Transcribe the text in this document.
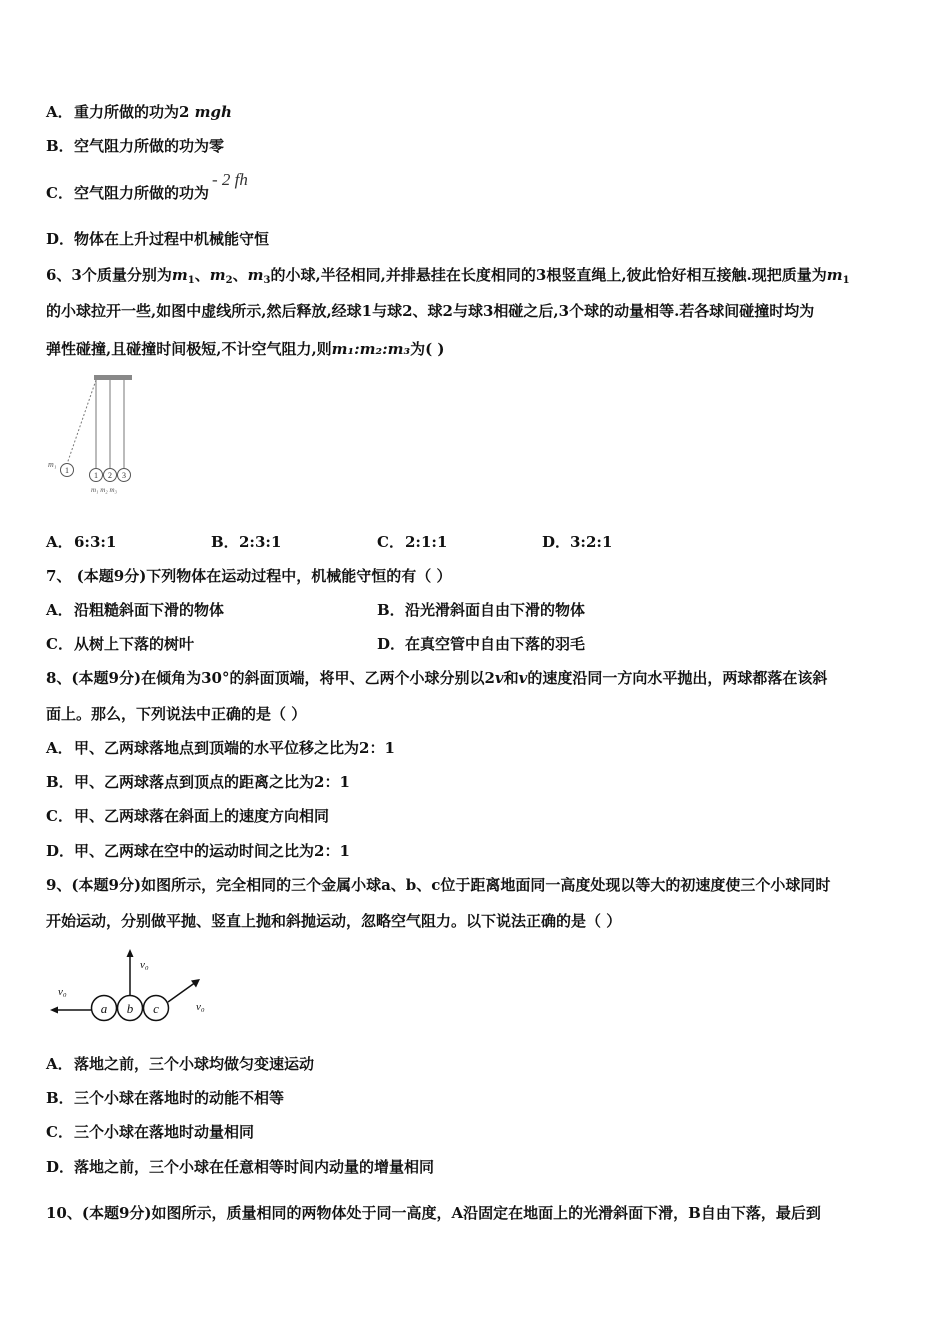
A．重力所做的功为2 mgh
B．空气阻力所做的功为零
C．空气阻力所做的功为- 2 fh
D．物体在上升过程中机械能守恒
6、3个质量分别为$m_1$、$m_2$、$m_3$的小球,半径相同,并排悬挂在长度相同的3根竖直绳上,彼此恰好相互接触.现把质量为$m_1$
的小球拉开一些,如图中虚线所示,然后释放,经球1与球2、球2与球3相碰之后,3个球的动量相等.若各球间碰撞时均为
弹性碰撞,且碰撞时间极短,不计空气阻力,则m₁:m₂:m₃为( )
1
m₁
1 2 3
m₁ m₂ m₃
A．6:3:1	B．2:3:1	C．2:1:1	D．3:2:1
7、 (本题9分)下列物体在运动过程中，机械能守恒的有（ ）
A．沿粗糙斜面下滑的物体	B．沿光滑斜面自由下滑的物体
C．从树上下落的树叶	D．在真空管中自由下落的羽毛
8、(本题9分)在倾角为30°的斜面顶端，将甲、乙两个小球分别以2v和v的速度沿同一方向水平抛出，两球都落在该斜
面上。那么，下列说法中正确的是（ ）
A．甲、乙两球落地点到顶端的水平位移之比为2：1
B．甲、乙两球落点到顶点的距离之比为2：1
C．甲、乙两球落在斜面上的速度方向相同
D．甲、乙两球在空中的运动时间之比为2：1
9、(本题9分)如图所示，完全相同的三个金属小球a、b、c位于距离地面同一高度处现以等大的初速度使三个小球同时
开始运动，分别做平抛、竖直上抛和斜抛运动，忽略空气阻力。以下说法正确的是（ ）
v₀
v₀
v₀
a b c
A．落地之前，三个小球均做匀变速运动
B．三个小球在落地时的动能不相等
C．三个小球在落地时动量相同
D．落地之前，三个小球在任意相等时间内动量的增量相同
10、(本题9分)如图所示，质量相同的两物体处于同一高度，A沿固定在地面上的光滑斜面下滑，B自由下落，最后到
